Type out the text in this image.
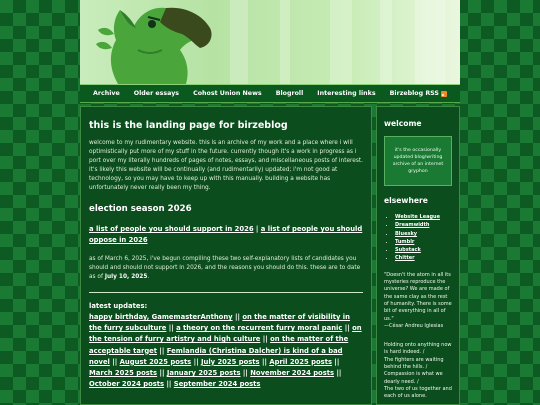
Archive Older essays Cohost Union News Blogroll Interesting links Birzeblog RSS
this is the landing page for birzeblog

welcome to my rudimentary website. this is an archive of my work and a place where i will optimistically put more of my stuff in the future. currently though it's a work in progress as i port over my literally hundreds of pages of notes, essays, and miscellaneous posts of interest. it's likely this website will be continually (and rudimentarily) updated; i'm not good at technology, so you may have to keep up with this manually. building a website has unfortunately never really been my thing.

election season 2026
a list of people you should support in 2026 | a list of people you should oppose in 2026

as of March 6, 2025, i've begun compiling these two self-explanatory lists of candidates you should and should not support in 2026, and the reasons you should do this. these are to date as of July 10, 2025.

latest updates:
happy birthday, GamemasterAnthony || on the matter of visibility in the furry subculture || a theory on the recurrent furry moral panic || on the tension of furry artistry and high culture || on the matter of the acceptable target || Femlandia (Christina Dalcher) is kind of a bad novel || August 2025 posts || July 2025 posts || April 2025 posts || March 2025 posts || January 2025 posts || November 2024 posts || October 2024 posts || September 2024 posts
welcome
it's the occasionally updated blog/writing archive of an internet gryphon
elsewhere
• Website League
• Dreamwidth
• Bluesky
• Tumblr
• Substack
• Chitter
"Doesn't the atom in all its mysteries reproduce the universe? We are made of the same clay as the rest of humanity. There is some bit of everything in all of us."
—César Andreu Iglesias
Holding onto anything now is hard indeed. /
The fighters are waiting behind the hills. /
Compassion is what we dearly need. /
The two of us together and each of us alone.
